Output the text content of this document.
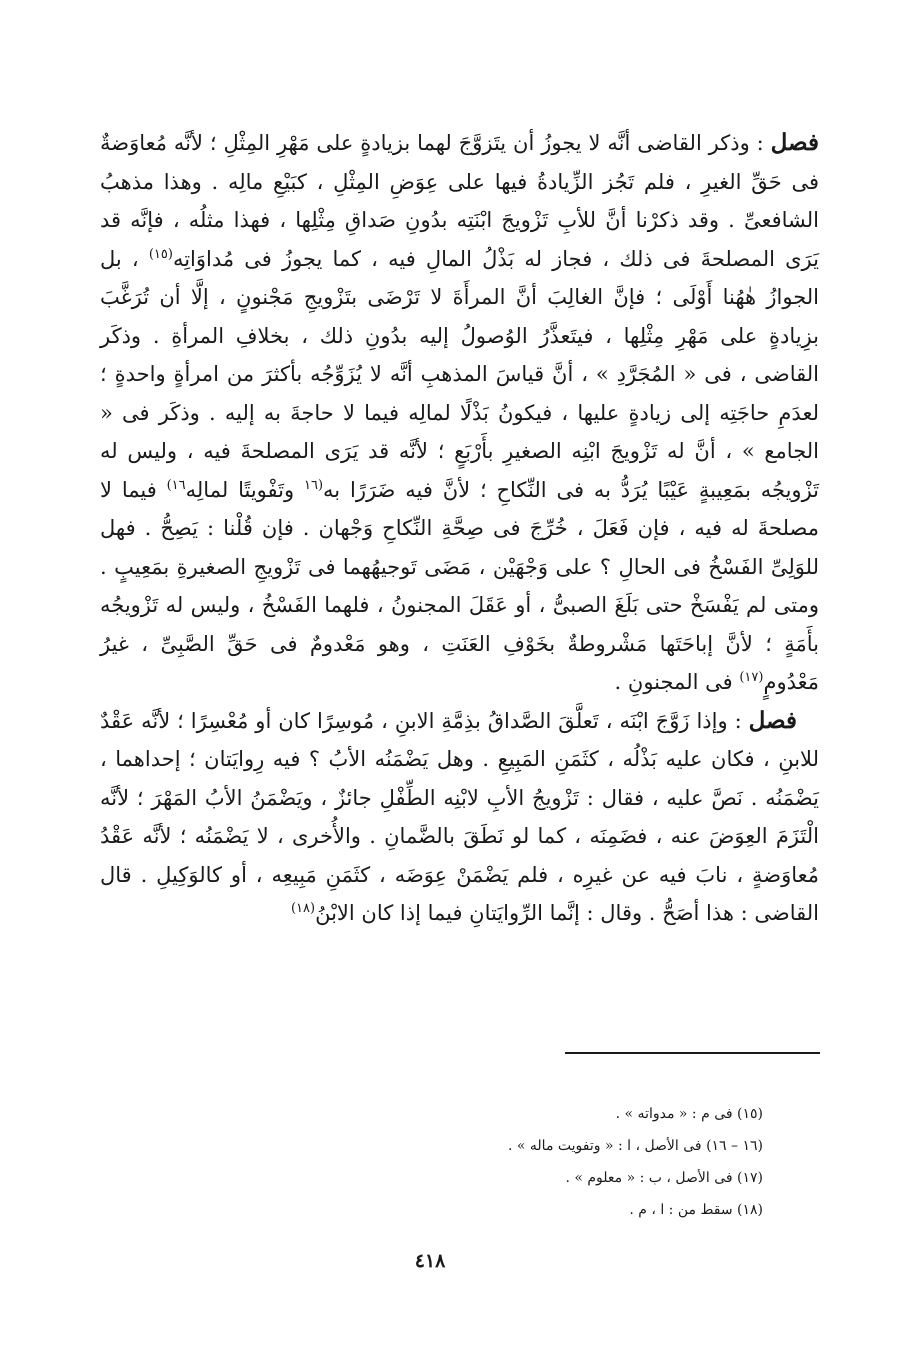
فصل : وذكر القاضى أنَّه لا يجوزُ أن يتَزوَّجَ لهما بزيادةٍ على مَهْرِ المِثْلِ ؛ لأنَّه مُعاوَضةٌ فى حَقِّ الغيرِ ، فلم تَجُز الزِّيادةُ فيها على عِوَضِ المِثْلِ ، كبَيْعِ مالِه . وهذا مذهبُ الشافعىِّ . وقد ذكرْنا أنَّ للأبِ تَزْويجَ ابْنَتِه بدُونِ صَداقِ مِثْلِها ، فهذا مثلُه ، فإنَّه قد يَرَى المصلحةَ فى ذلك ، فجاز له بَذْلُ المالِ فيه ، كما يجوزُ فى مُداوَاتِه$^{(١٥)}$ ، بل الجوازُ هٰهُنا أَوْلَى ؛ فإنَّ الغالِبَ أنَّ المرأَةَ لا تَرْضَى بتَزْويجِ مَجْنونٍ ، إلَّا أن تُرَغَّبَ بزِيادةٍ على مَهْرِ مِثْلِها ، فيتَعذَّرُ الوُصولُ إليه بدُونِ ذلك ، بخلافِ المرأةِ . وذكَر القاضى ، فى « المُجَرَّدِ » ، أنَّ قياسَ المذهبِ أنَّه لا يُزَوِّجُه بأكثرَ من امرأةٍ واحدةٍ ؛ لعدَمِ حاجَتِه إلى زيادةٍ عليها ، فيكونُ بَذْلًا لمالِه فيما لا حاجةَ به إليه . وذكَر فى « الجامع » ، أنَّ له تَزْويجَ ابْنِه الصغيرِ بأَرْبَعٍ ؛ لأنَّه قد يَرَى المصلحةَ فيه ، وليس له تَزْويجُه بمَعِيبةٍ عَيْبًا يُرَدُّ به فى النِّكاحِ ؛ لأنَّ فيه ضَرَرًا به$^{(١٦}$ وتَفْويتًا لمالِه$^{١٦)}$ فيما لا مصلحةَ له فيه ، فإن فَعَلَ ، خُرِّجَ فى صِحَّةِ النِّكاحِ وَجْهان . فإن قُلْنا : يَصِحُّ . فهل للوَلِىِّ الفَسْخُ فى الحالِ ؟ على وَجْهَيْن ، مَضَى تَوجيهُهما فى تَزْويجِ الصغيرةِ بمَعِيبٍ . ومتى لم يَفْسَخْ حتى بَلَغَ الصبىُّ ، أو عَقَلَ المجنونُ ، فلهما الفَسْخُ ، وليس له تَزْويجُه بأَمَةٍ ؛ لأنَّ إباحَتَها مَشْروطةٌ بخَوْفِ العَنَتِ ، وهو مَعْدومٌ فى حَقِّ الصَّبِىِّ ، غيرُ مَعْدُومٍ$^{(١٧)}$ فى المجنونِ .

فصل : وإذا زَوَّجَ ابْنَه ، تَعلَّقَ الصَّداقُ بذِمَّةِ الابنِ ، مُوسِرًا كان أو مُعْسِرًا ؛ لأنَّه عَقْدٌ للابنِ ، فكان عليه بَذْلُه ، كثَمَنِ المَبِيعِ . وهل يَضْمَنُه الأبُ ؟ فيه رِوايَتان ؛ إحداهما ، يَضْمَنُه . نَصَّ عليه ، فقال : تَزْويجُ الأبِ لابْنِه الطِّفْلِ جائزٌ ، ويَضْمَنُ الأبُ المَهْرَ ؛ لأنَّه الْتَزَمَ العِوَضَ عنه ، فضَمِنَه ، كما لو نَطَقَ بالضَّمانِ . والأُخرى ، لا يَضْمَنُه ؛ لأنَّه عَقْدُ مُعاوَضةٍ ، نابَ فيه عن غيرِه ، فلم يَضْمَنْ عِوَضَه ، كثَمَنِ مَبِيعِه ، أو كالوَكِيلِ . قال القاضى : هذا أصَحُّ . وقال : إنَّما الرِّوايَتانِ فيما إذا كان الابْنُ$^{(١٨)}$

(١٥) فى م : « مدواته » .
(١٦ – ١٦) فى الأصل ، ا : « وتفويت ماله » .
(١٧) فى الأصل ، ب : « معلوم » .
(١٨) سقط من : ا ، م .
٤١٨
